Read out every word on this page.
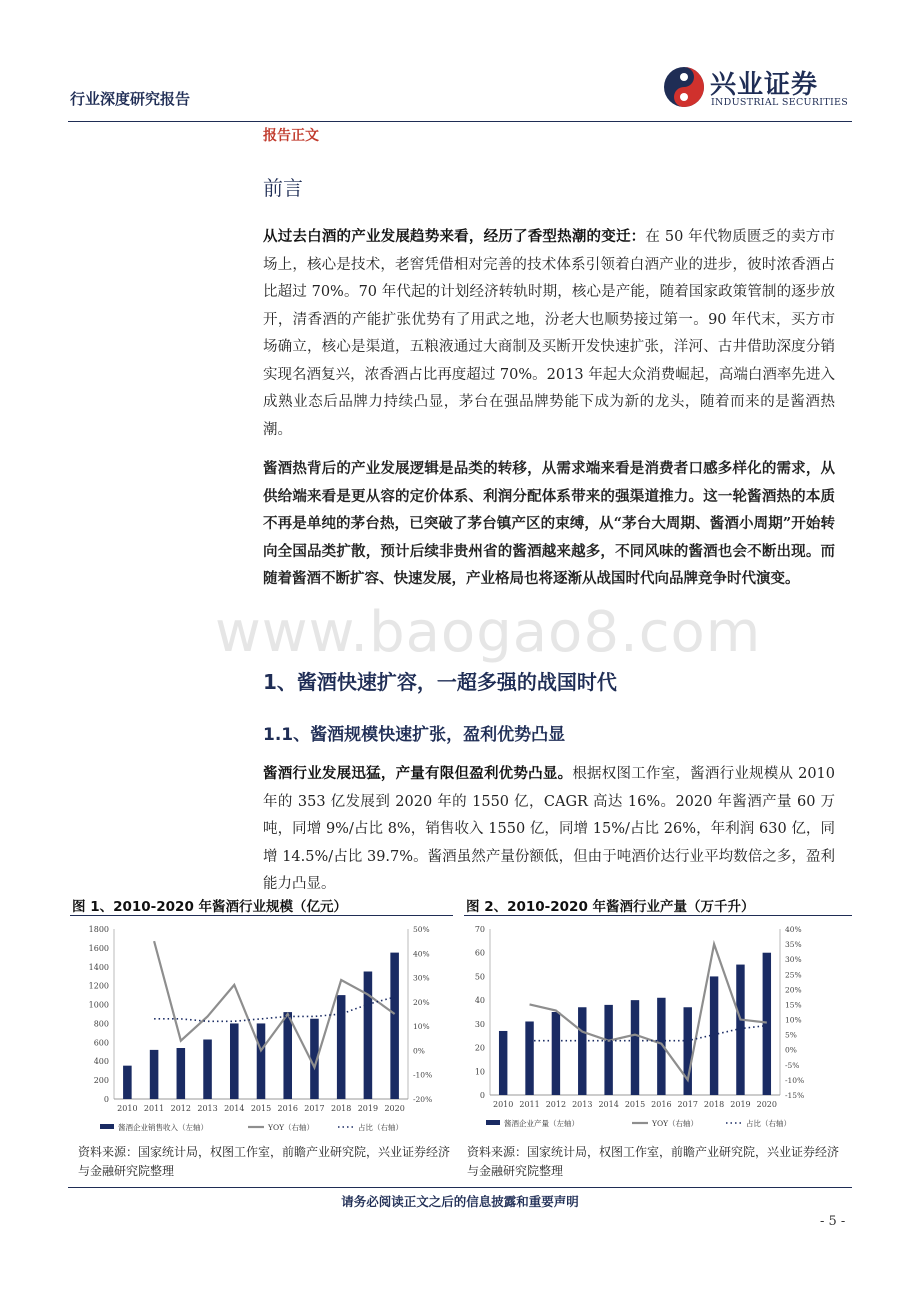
行业深度研究报告	兴业证券
INDUSTRIAL SECURITIES
报告正文
前言
从过去白酒的产业发展趋势来看，经历了香型热潮的变迁：在 50 年代物质匮乏的卖方市场上，核心是技术，老窖凭借相对完善的技术体系引领着白酒产业的进步，彼时浓香酒占比超过 70%。70 年代起的计划经济转轨时期，核心是产能，随着国家政策管制的逐步放开，清香酒的产能扩张优势有了用武之地，汾老大也顺势接过第一。90 年代末，买方市场确立，核心是渠道，五粮液通过大商制及买断开发快速扩张，洋河、古井借助深度分销实现名酒复兴，浓香酒占比再度超过 70%。2013 年起大众消费崛起，高端白酒率先进入成熟业态后品牌力持续凸显，茅台在强品牌势能下成为新的龙头，随着而来的是酱酒热潮。
酱酒热背后的产业发展逻辑是品类的转移，从需求端来看是消费者口感多样化的需求，从供给端来看是更从容的定价体系、利润分配体系带来的强渠道推力。这一轮酱酒热的本质不再是单纯的茅台热，已突破了茅台镇产区的束缚，从“茅台大周期、酱酒小周期”开始转向全国品类扩散，预计后续非贵州省的酱酒越来越多，不同风味的酱酒也会不断出现。而随着酱酒不断扩容、快速发展，产业格局也将逐渐从战国时代向品牌竞争时代演变。
www.baogao8.com
1、酱酒快速扩容，一超多强的战国时代
1.1、酱酒规模快速扩张，盈利优势凸显
酱酒行业发展迅猛，产量有限但盈利优势凸显。根据权图工作室，酱酒行业规模从 2010 年的 353 亿发展到 2020 年的 1550 亿，CAGR 高达 16%。2020 年酱酒产量 60 万吨，同增 9%/占比 8%，销售收入 1550 亿，同增 15%/占比 26%，年利润 630 亿，同增 14.5%/占比 39.7%。酱酒虽然产量份额低，但由于吨酒价达行业平均数倍之多，盈利能力凸显。
图 1、2010-2020 年酱酒行业规模（亿元）	图 2、2010-2020 年酱酒行业产量（万千升）
0
200
400
600
800
1000
1200
1400
1600
1800
-20%
-10%
0%
10%
20%
30%
40%
50%
2010 2011 2012 2013 2014 2015 2016 2017 2018 2019 2020
酱酒企业销售收入（左轴）	YOY（右轴）	占比（右轴）
0
10
20
30
40
50
60
70
-15%
-10%
-5%
0%
5%
10%
15%
20%
25%
30%
35%
40%
2010 2011 2012 2013 2014 2015 2016 2017 2018 2019 2020
酱酒企业产量（左轴）	YOY（右轴）	占比（右轴）
资料来源：国家统计局，权图工作室，前瞻产业研究院，兴业证券经济与金融研究院整理
资料来源：国家统计局，权图工作室，前瞻产业研究院，兴业证券经济与金融研究院整理
请务必阅读正文之后的信息披露和重要声明
- 5 -
